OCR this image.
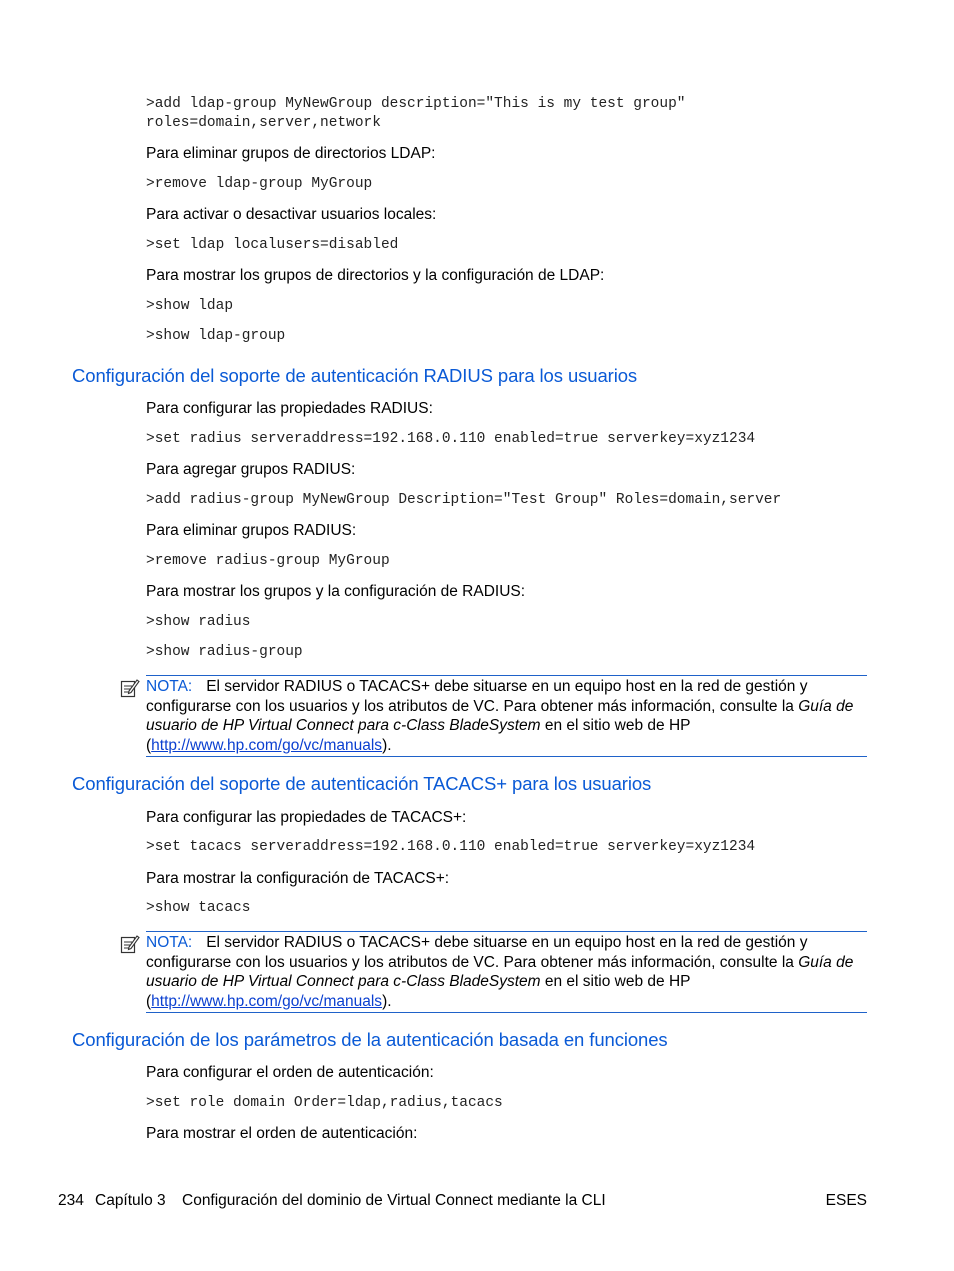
>add ldap-group MyNewGroup description="This is my test group"
roles=domain,server,network
Para eliminar grupos de directorios LDAP:
>remove ldap-group MyGroup
Para activar o desactivar usuarios locales:
>set ldap localusers=disabled
Para mostrar los grupos de directorios y la configuración de LDAP:
>show ldap
>show ldap-group
Configuración del soporte de autenticación RADIUS para los usuarios
Para configurar las propiedades RADIUS:
>set radius serveraddress=192.168.0.110 enabled=true serverkey=xyz1234
Para agregar grupos RADIUS:
>add radius-group MyNewGroup Description="Test Group" Roles=domain,server
Para eliminar grupos RADIUS:
>remove radius-group MyGroup
Para mostrar los grupos y la configuración de RADIUS:
>show radius
>show radius-group
NOTA: El servidor RADIUS o TACACS+ debe situarse en un equipo host en la red de gestión y configurarse con los usuarios y los atributos de VC. Para obtener más información, consulte la Guía de usuario de HP Virtual Connect para c-Class BladeSystem en el sitio web de HP (http://www.hp.com/go/vc/manuals).
Configuración del soporte de autenticación TACACS+ para los usuarios
Para configurar las propiedades de TACACS+:
>set tacacs serveraddress=192.168.0.110 enabled=true serverkey=xyz1234
Para mostrar la configuración de TACACS+:
>show tacacs
NOTA: El servidor RADIUS o TACACS+ debe situarse en un equipo host en la red de gestión y configurarse con los usuarios y los atributos de VC. Para obtener más información, consulte la Guía de usuario de HP Virtual Connect para c-Class BladeSystem en el sitio web de HP (http://www.hp.com/go/vc/manuals).
Configuración de los parámetros de la autenticación basada en funciones
Para configurar el orden de autenticación:
>set role domain Order=ldap,radius,tacacs
Para mostrar el orden de autenticación:
234 Capítulo 3 Configuración del dominio de Virtual Connect mediante la CLI	ESES
